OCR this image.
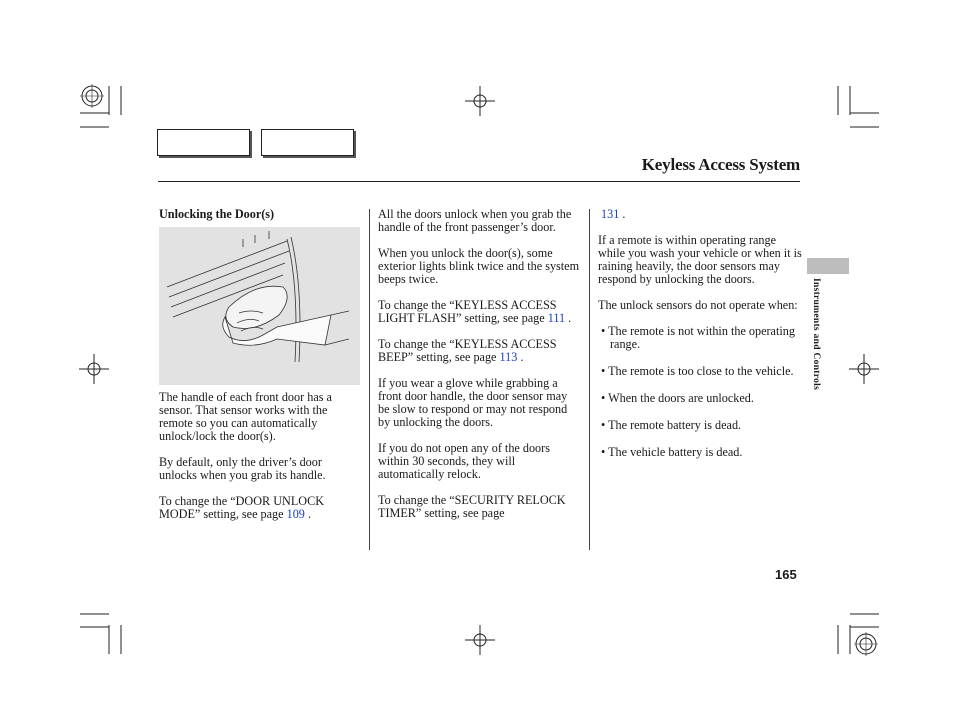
Keyless Access System
Instruments and Controls

Unlocking the Door(s)

The handle of each front door has a sensor. That sensor works with the remote so you can automatically unlock/lock the door(s).

By default, only the driver’s door unlocks when you grab its handle.

To change the “DOOR UNLOCK MODE” setting, see page 109 .

All the doors unlock when you grab the handle of the front passenger’s door.

When you unlock the door(s), some exterior lights blink twice and the system beeps twice.

To change the “KEYLESS ACCESS LIGHT FLASH” setting, see page 111 .

To change the “KEYLESS ACCESS BEEP” setting, see page 113 .

If you wear a glove while grabbing a front door handle, the door sensor may be slow to respond or may not respond by unlocking the doors.

If you do not open any of the doors within 30 seconds, they will automatically relock.

To change the “SECURITY RELOCK TIMER” setting, see page

131 .

If a remote is within operating range while you wash your vehicle or when it is raining heavily, the door sensors may respond by unlocking the doors.

The unlock sensors do not operate when:

• The remote is not within the operating range.

• The remote is too close to the vehicle.

• When the doors are unlocked.

• The remote battery is dead.

• The vehicle battery is dead.

165
